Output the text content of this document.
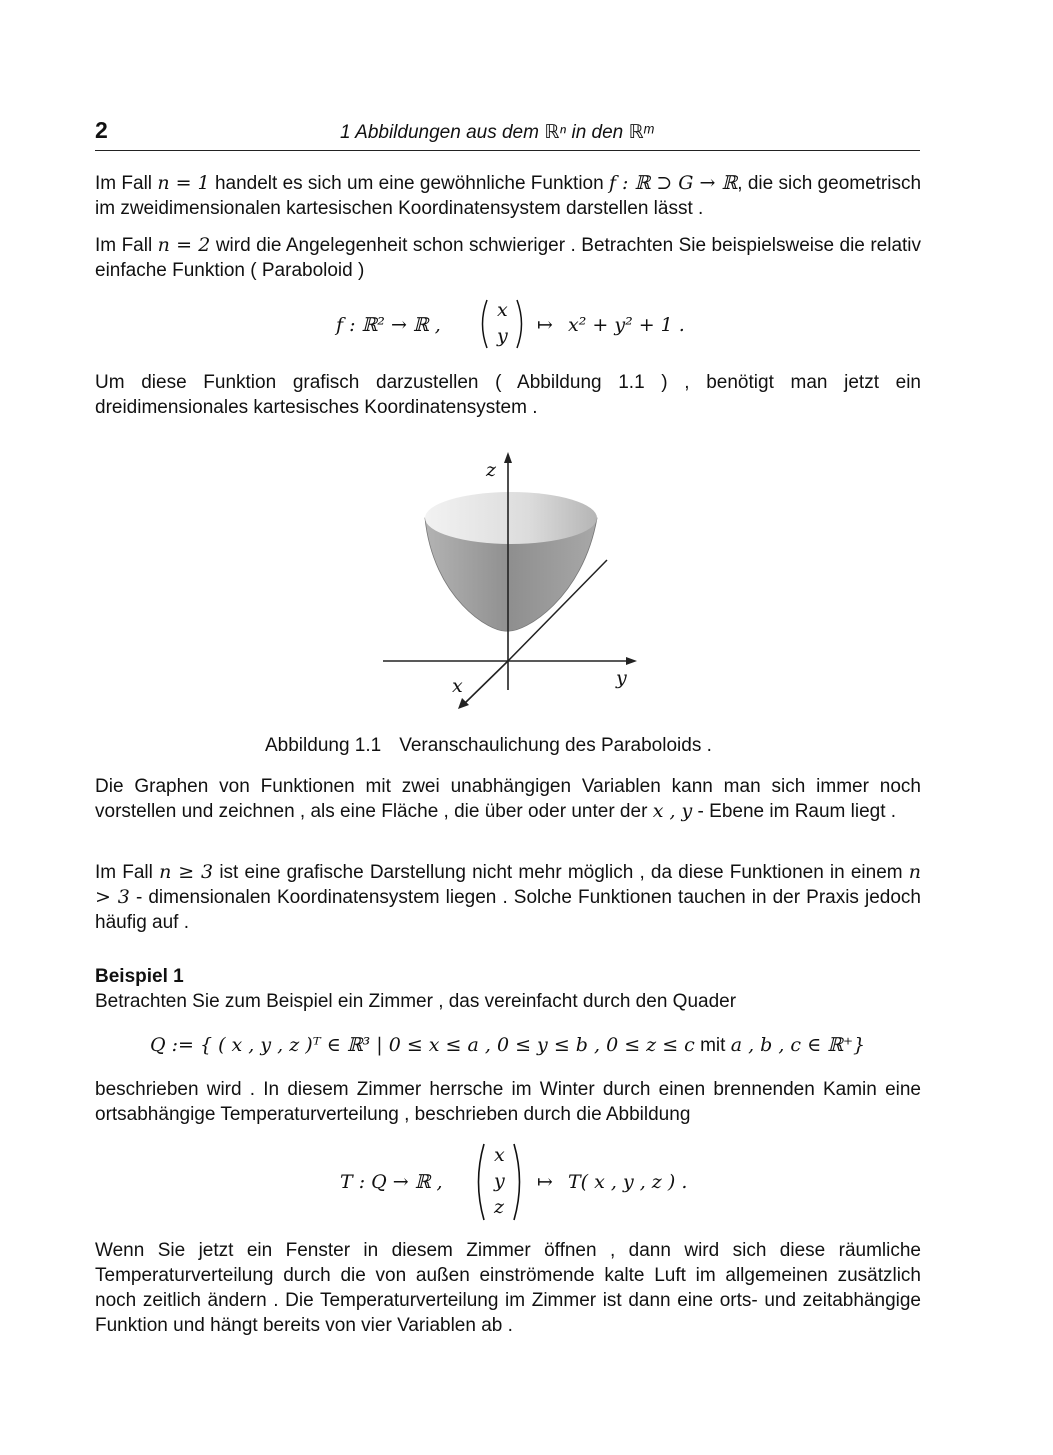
2	1 Abbildungen aus dem ℝⁿ in den ℝᵐ

Im Fall n = 1 handelt es sich um eine gewöhnliche Funktion f : ℝ ⊃ G → ℝ, die sich geometrisch im zweidimensionalen kartesischen Koordinatensystem darstellen lässt .

Im Fall n = 2 wird die Angelegenheit schon schwieriger . Betrachten Sie beispielsweise die relativ einfache Funktion ( Paraboloid )

f : ℝ² → ℝ ,
x
y ↦ x² + y² + 1 .

Um diese Funktion grafisch darzustellen ( Abbildung 1.1 ) , benötigt man jetzt ein dreidimensionales kartesisches Koordinatensystem .

z
x	y
Abbildung 1.1 Veranschaulichung des Paraboloids .

Die Graphen von Funktionen mit zwei unabhängigen Variablen kann man sich immer noch vorstellen und zeichnen , als eine Fläche , die über oder unter der x , y - Ebene im Raum liegt .

Im Fall n ≥ 3 ist eine grafische Darstellung nicht mehr möglich , da diese Funktionen in einem n > 3 - dimensionalen Koordinatensystem liegen . Solche Funktionen tauchen in der Praxis jedoch häufig auf .

Beispiel 1

Betrachten Sie zum Beispiel ein Zimmer , das vereinfacht durch den Quader

Q := { ( x , y , z )ᵀ ∈ ℝ³ | 0 ≤ x ≤ a , 0 ≤ y ≤ b , 0 ≤ z ≤ c mit a , b , c ∈ ℝ⁺}

beschrieben wird . In diesem Zimmer herrsche im Winter durch einen brennenden Kamin eine ortsabhängige Temperaturverteilung , beschrieben durch die Abbildung

T : Q → ℝ ,
x
y
z
↦ T( x , y , z ) .

Wenn Sie jetzt ein Fenster in diesem Zimmer öffnen , dann wird sich diese räumliche Temperaturverteilung durch die von außen einströmende kalte Luft im allgemeinen zusätzlich noch zeitlich ändern . Die Temperaturverteilung im Zimmer ist dann eine orts- und zeitabhängige Funktion und hängt bereits von vier Variablen ab .
